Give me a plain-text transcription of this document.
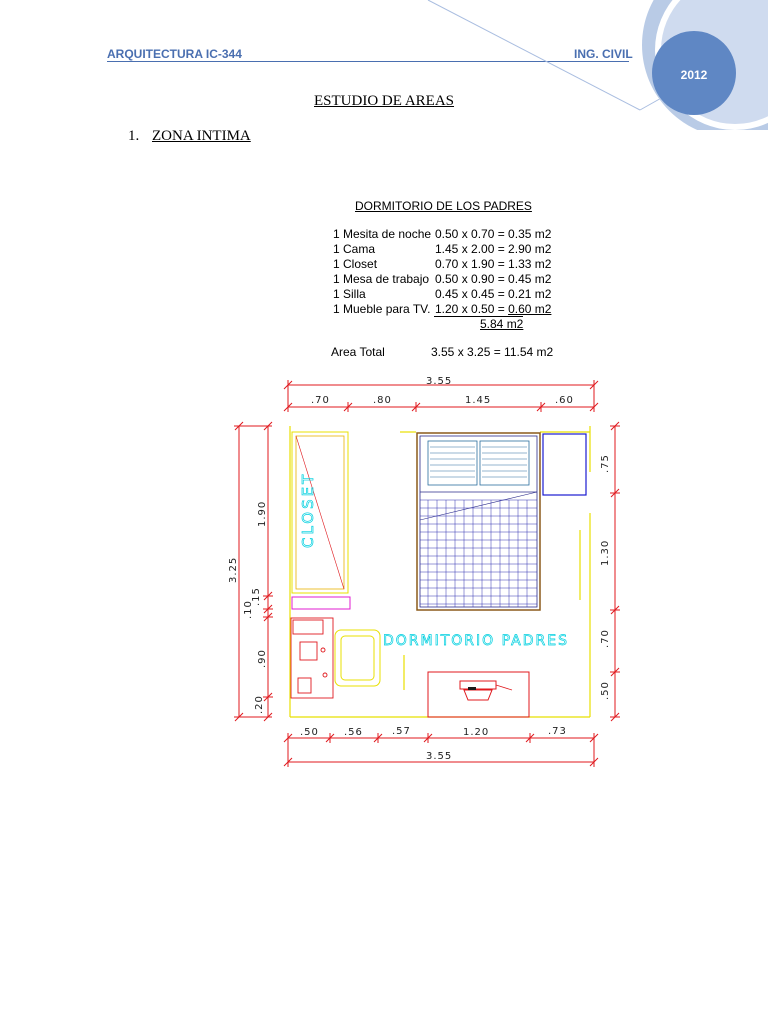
ARQUITECTURA IC-344	ING. CIVIL
2012
ESTUDIO DE AREAS
1. ZONA INTIMA
DORMITORIO DE LOS PADRES
1 Mesita de noche 0.50 x 0.70 = 0.35 m2
1 Cama	1.45 x 2.00 = 2.90 m2
1 Closet	0.70 x 1.90 = 1.33 m2
1 Mesa de trabajo 0.50 x 0.90 = 0.45 m2
1 Silla	0.45 x 0.45 = 0.21 m2
1 Mueble para TV. 1.20 x 0.50 = 0.60 m2
5.84 m2
Area Total	3.55 x 3.25 = 11.54 m2
3.55
.70	.80	1.45	.60
3.25
1.90
.15
.10
.90
.20
.75
1.30
.70
.50
.50	.56	.57	1.20	.73
3.55
CLOSET
DORMITORIO PADRES
